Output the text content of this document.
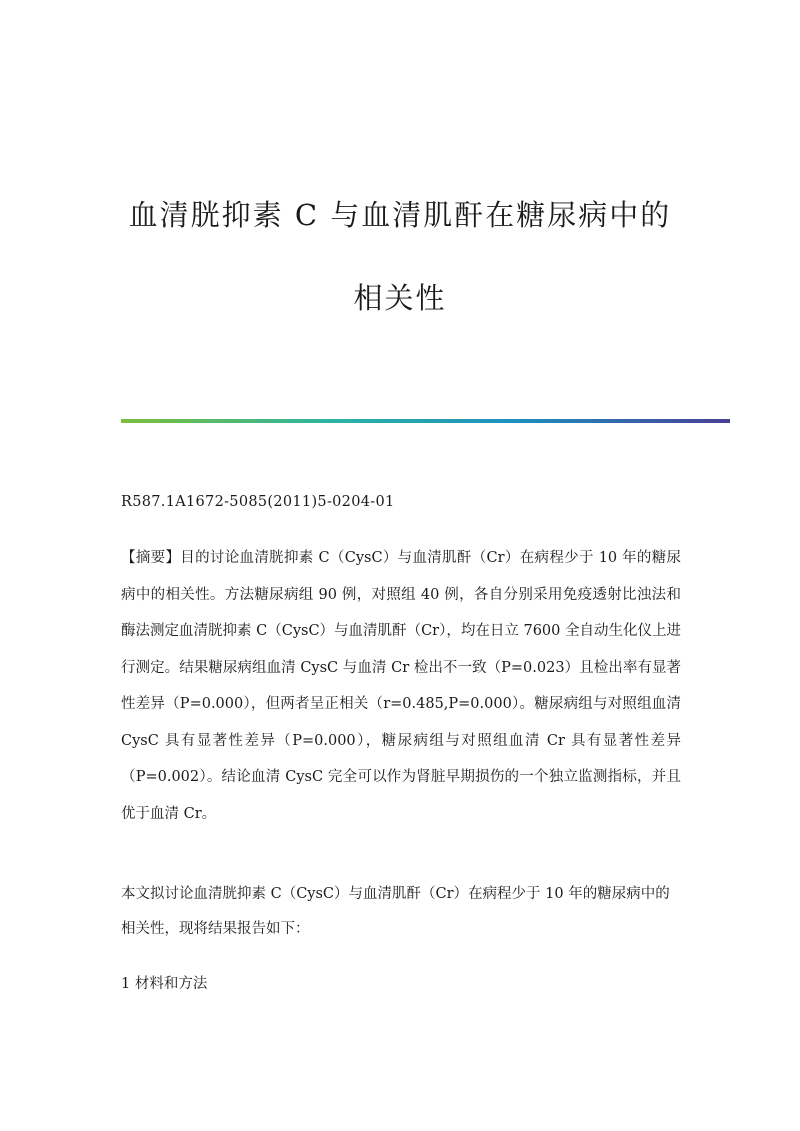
血清胱抑素 C 与血清肌酐在糖尿病中的
相关性
R587.1A1672-5085(2011)5-0204-01

【摘要】目的讨论血清胱抑素 C（CysC）与血清肌酐（Cr）在病程少于 10 年的糖尿病中的相关性。方法糖尿病组 90 例，对照组 40 例，各自分别采用免疫透射比浊法和酶法测定血清胱抑素 C（CysC）与血清肌酐（Cr），均在日立 7600 全自动生化仪上进行测定。结果糖尿病组血清 CysC 与血清 Cr 检出不一致（P=0.023）且检出率有显著性差异（P=0.000），但两者呈正相关（r=0.485,P=0.000）。糖尿病组与对照组血清 CysC 具有显著性差异（P=0.000），糖尿病组与对照组血清 Cr 具有显著性差异（P=0.002）。结论血清 CysC 完全可以作为肾脏早期损伤的一个独立监测指标，并且优于血清 Cr。

本文拟讨论血清胱抑素 C（CysC）与血清肌酐（Cr）在病程少于 10 年的糖尿病中的相关性，现将结果报告如下：

1 材料和方法
